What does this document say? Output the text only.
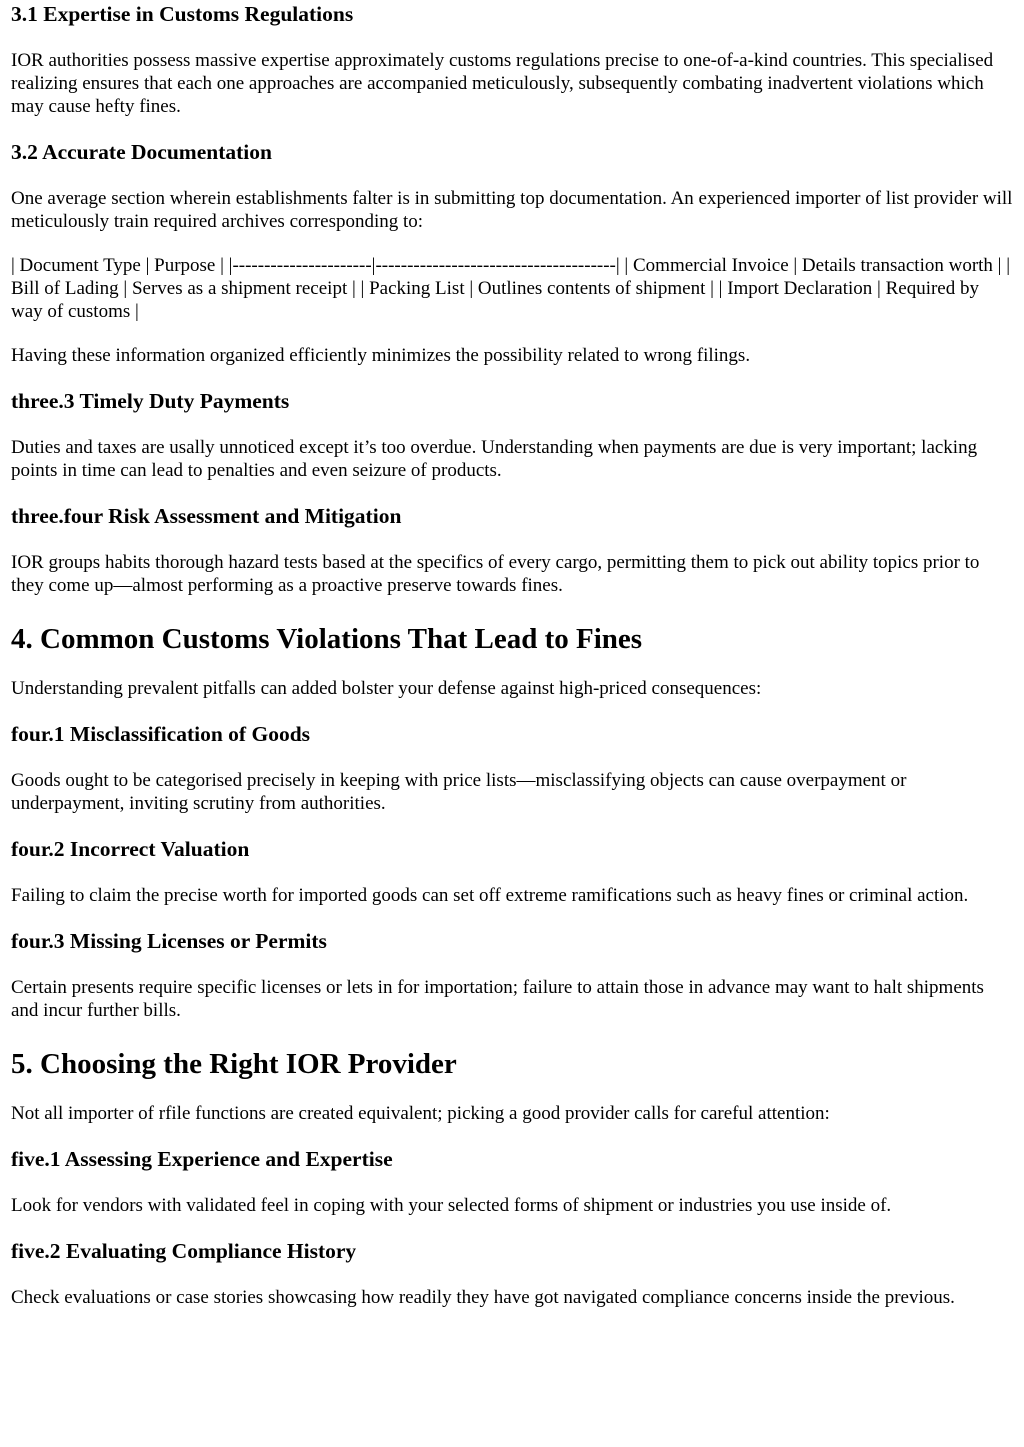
3.1 Expertise in Customs Regulations

IOR authorities possess massive expertise approximately customs regulations precise to one-of-a-kind countries. This specialised realizing ensures that each one approaches are accompanied meticulously, subsequently combating inadvertent violations which may cause hefty fines.

3.2 Accurate Documentation

One average section wherein establishments falter is in submitting top documentation. An experienced importer of list provider will meticulously train required archives corresponding to:

| Document Type | Purpose | |----------------------|--------------------------------------| | Commercial Invoice | Details transaction worth | | Bill of Lading | Serves as a shipment receipt | | Packing List | Outlines contents of shipment | | Import Declaration | Required by way of customs |

Having these information organized efficiently minimizes the possibility related to wrong filings.

three.3 Timely Duty Payments

Duties and taxes are usally unnoticed except it’s too overdue. Understanding when payments are due is very important; lacking points in time can lead to penalties and even seizure of products.

three.four Risk Assessment and Mitigation

IOR groups habits thorough hazard tests based at the specifics of every cargo, permitting them to pick out ability topics prior to they come up—almost performing as a proactive preserve towards fines.

4. Common Customs Violations That Lead to Fines

Understanding prevalent pitfalls can added bolster your defense against high-priced consequences:

four.1 Misclassification of Goods

Goods ought to be categorised precisely in keeping with price lists—misclassifying objects can cause overpayment or underpayment, inviting scrutiny from authorities.

four.2 Incorrect Valuation

Failing to claim the precise worth for imported goods can set off extreme ramifications such as heavy fines or criminal action.

four.3 Missing Licenses or Permits

Certain presents require specific licenses or lets in for importation; failure to attain those in advance may want to halt shipments and incur further bills.

5. Choosing the Right IOR Provider

Not all importer of rfile functions are created equivalent; picking a good provider calls for careful attention:

five.1 Assessing Experience and Expertise

Look for vendors with validated feel in coping with your selected forms of shipment or industries you use inside of.

five.2 Evaluating Compliance History

Check evaluations or case stories showcasing how readily they have got navigated compliance concerns inside the previous.
